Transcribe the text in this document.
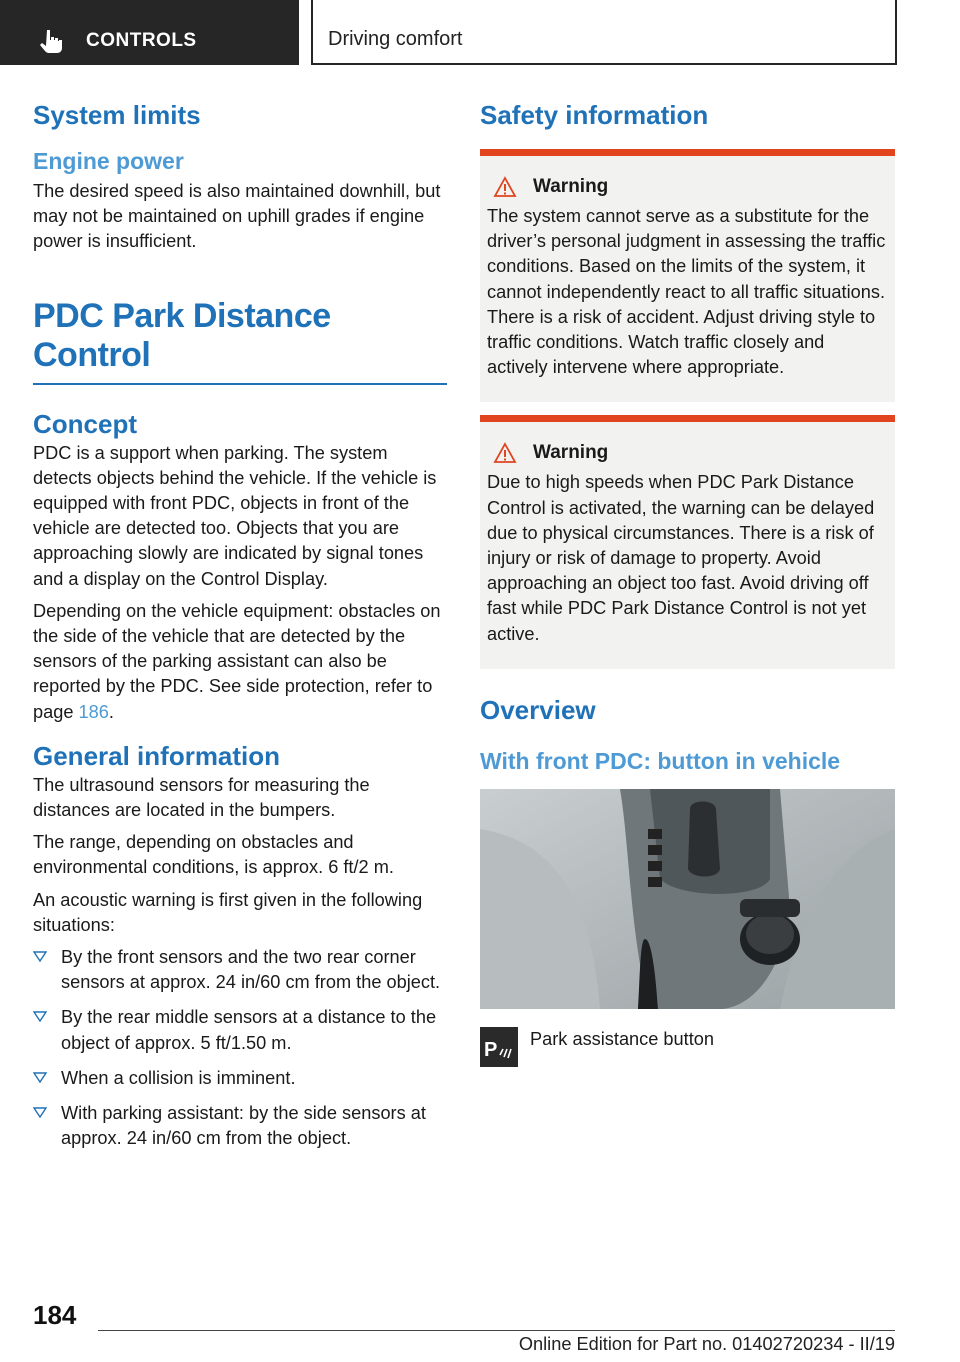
CONTROLS	Driving comfort
System limits
Engine power

The desired speed is also maintained downhill, but may not be maintained on uphill grades if engine power is insufficient.

PDC Park Distance Control
Concept

PDC is a support when parking. The system detects objects behind the vehicle. If the vehicle is equipped with front PDC, objects in front of the vehicle are detected too. Objects that you are approaching slowly are indicated by signal tones and a display on the Control Display.

Depending on the vehicle equipment: obstacles on the side of the vehicle that are detected by the sensors of the parking assistant can also be reported by the PDC. See side protection, refer to page 186.

General information

The ultrasound sensors for measuring the distances are located in the bumpers.

The range, depending on obstacles and environmental conditions, is approx. 6 ft/2 m.

An acoustic warning is first given in the following situations:

By the front sensors and the two rear corner sensors at approx. 24 in/60 cm from the object.
By the rear middle sensors at a distance to the object of approx. 5 ft/1.50 m.
When a collision is imminent.
With parking assistant: by the side sensors at approx. 24 in/60 cm from the object.
Safety information
Warning

The system cannot serve as a substitute for the driver’s personal judgment in assessing the traffic conditions. Based on the limits of the system, it cannot independently react to all traffic situations. There is a risk of accident. Adjust driving style to traffic conditions. Watch traffic closely and actively intervene where appropriate.

Warning

Due to high speeds when PDC Park Distance Control is activated, the warning can be delayed due to physical circumstances. There is a risk of injury or risk of damage to property. Avoid approaching an object too fast. Avoid driving off fast while PDC Park Distance Control is not yet active.

Overview
With front PDC: button in vehicle
P Park assistance button
184
Online Edition for Part no. 01402720234 - II/19
